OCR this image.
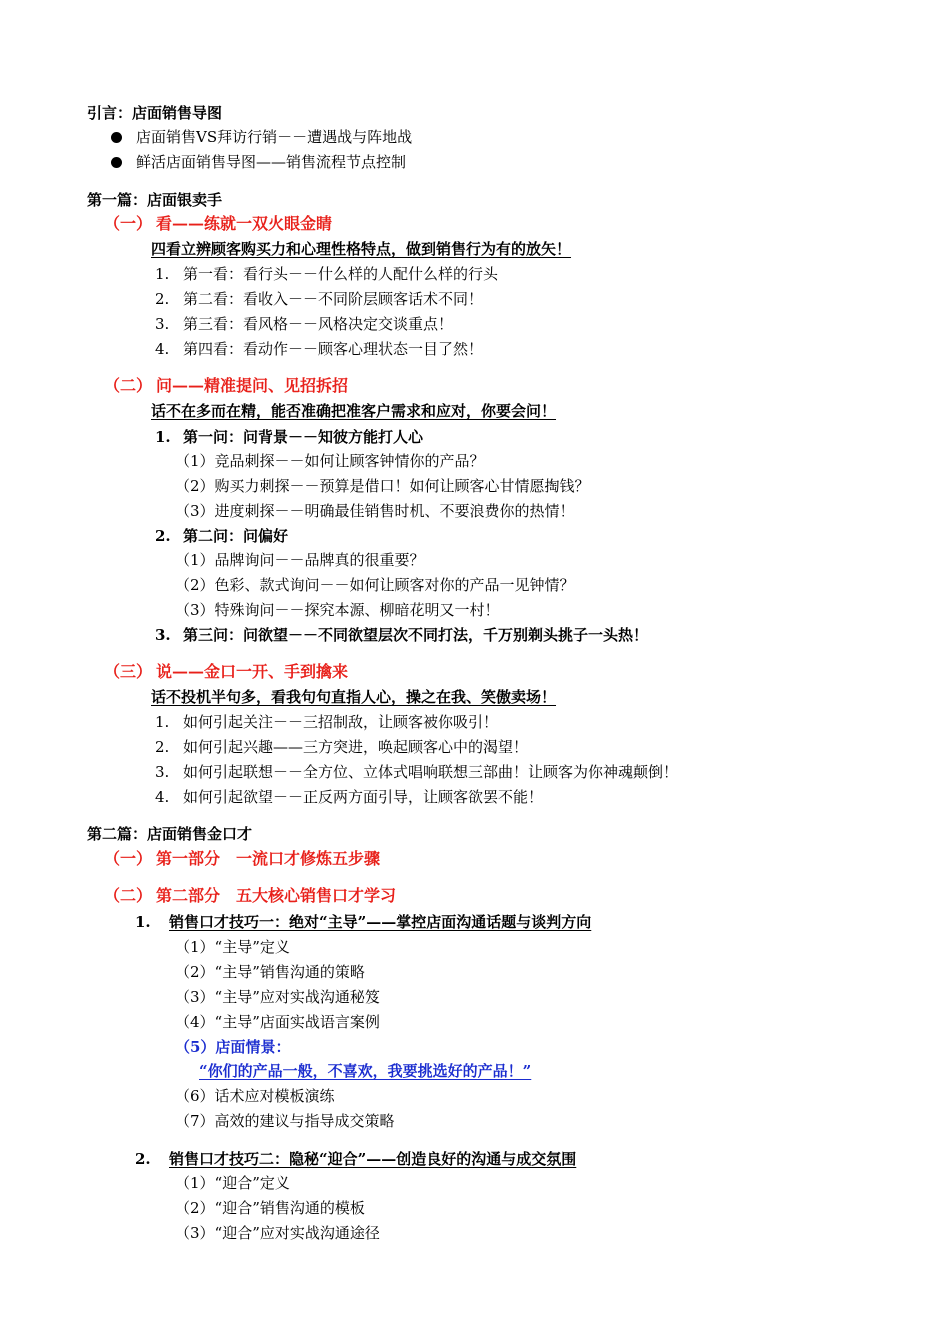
引言：店面销售导图
店面销售VS拜访行销－－遭遇战与阵地战
鲜活店面销售导图——销售流程节点控制
第一篇：店面银卖手
（一） 看——练就一双火眼金睛
四看立辨顾客购买力和心理性格特点，做到销售行为有的放矢！
1. 第一看：看行头－－什么样的人配什么样的行头
2. 第二看：看收入－－不同阶层顾客话术不同！
3. 第三看：看风格－－风格决定交谈重点！
4. 第四看：看动作－－顾客心理状态一目了然！
（二） 问——精准提问、见招拆招
话不在多而在精，能否准确把准客户需求和应对，你要会问！
1. 第一问：问背景－－知彼方能打人心
（1）竞品刺探－－如何让顾客钟情你的产品？
（2）购买力刺探－－预算是借口！如何让顾客心甘情愿掏钱？
（3）进度刺探－－明确最佳销售时机、不要浪费你的热情！
2. 第二问：问偏好
（1）品牌询问－－品牌真的很重要？
（2）色彩、款式询问－－如何让顾客对你的产品一见钟情？
（3）特殊询问－－探究本源、柳暗花明又一村！
3. 第三问：问欲望－－不同欲望层次不同打法，千万别剃头挑子一头热！
（三） 说——金口一开、手到擒来
话不投机半句多，看我句句直指人心，操之在我、笑傲卖场！
1. 如何引起关注－－三招制敌，让顾客被你吸引！
2. 如何引起兴趣——三方突进，唤起顾客心中的渴望！
3. 如何引起联想－－全方位、立体式唱响联想三部曲！让顾客为你神魂颠倒！
4. 如何引起欲望－－正反两方面引导，让顾客欲罢不能！
第二篇：店面销售金口才
（一） 第一部分　一流口才修炼五步骤
（二） 第二部分　五大核心销售口才学习
1. 销售口才技巧一：绝对“主导”——掌控店面沟通话题与谈判方向
（1）“主导”定义
（2）“主导”销售沟通的策略
（3）“主导”应对实战沟通秘笈
（4）“主导”店面实战语言案例
（5）店面情景：
“你们的产品一般，不喜欢，我要挑选好的产品！”
（6）话术应对模板演练
（7）高效的建议与指导成交策略
2. 销售口才技巧二：隐秘“迎合”——创造良好的沟通与成交氛围
（1）“迎合”定义
（2）“迎合”销售沟通的模板
（3）“迎合”应对实战沟通途径
